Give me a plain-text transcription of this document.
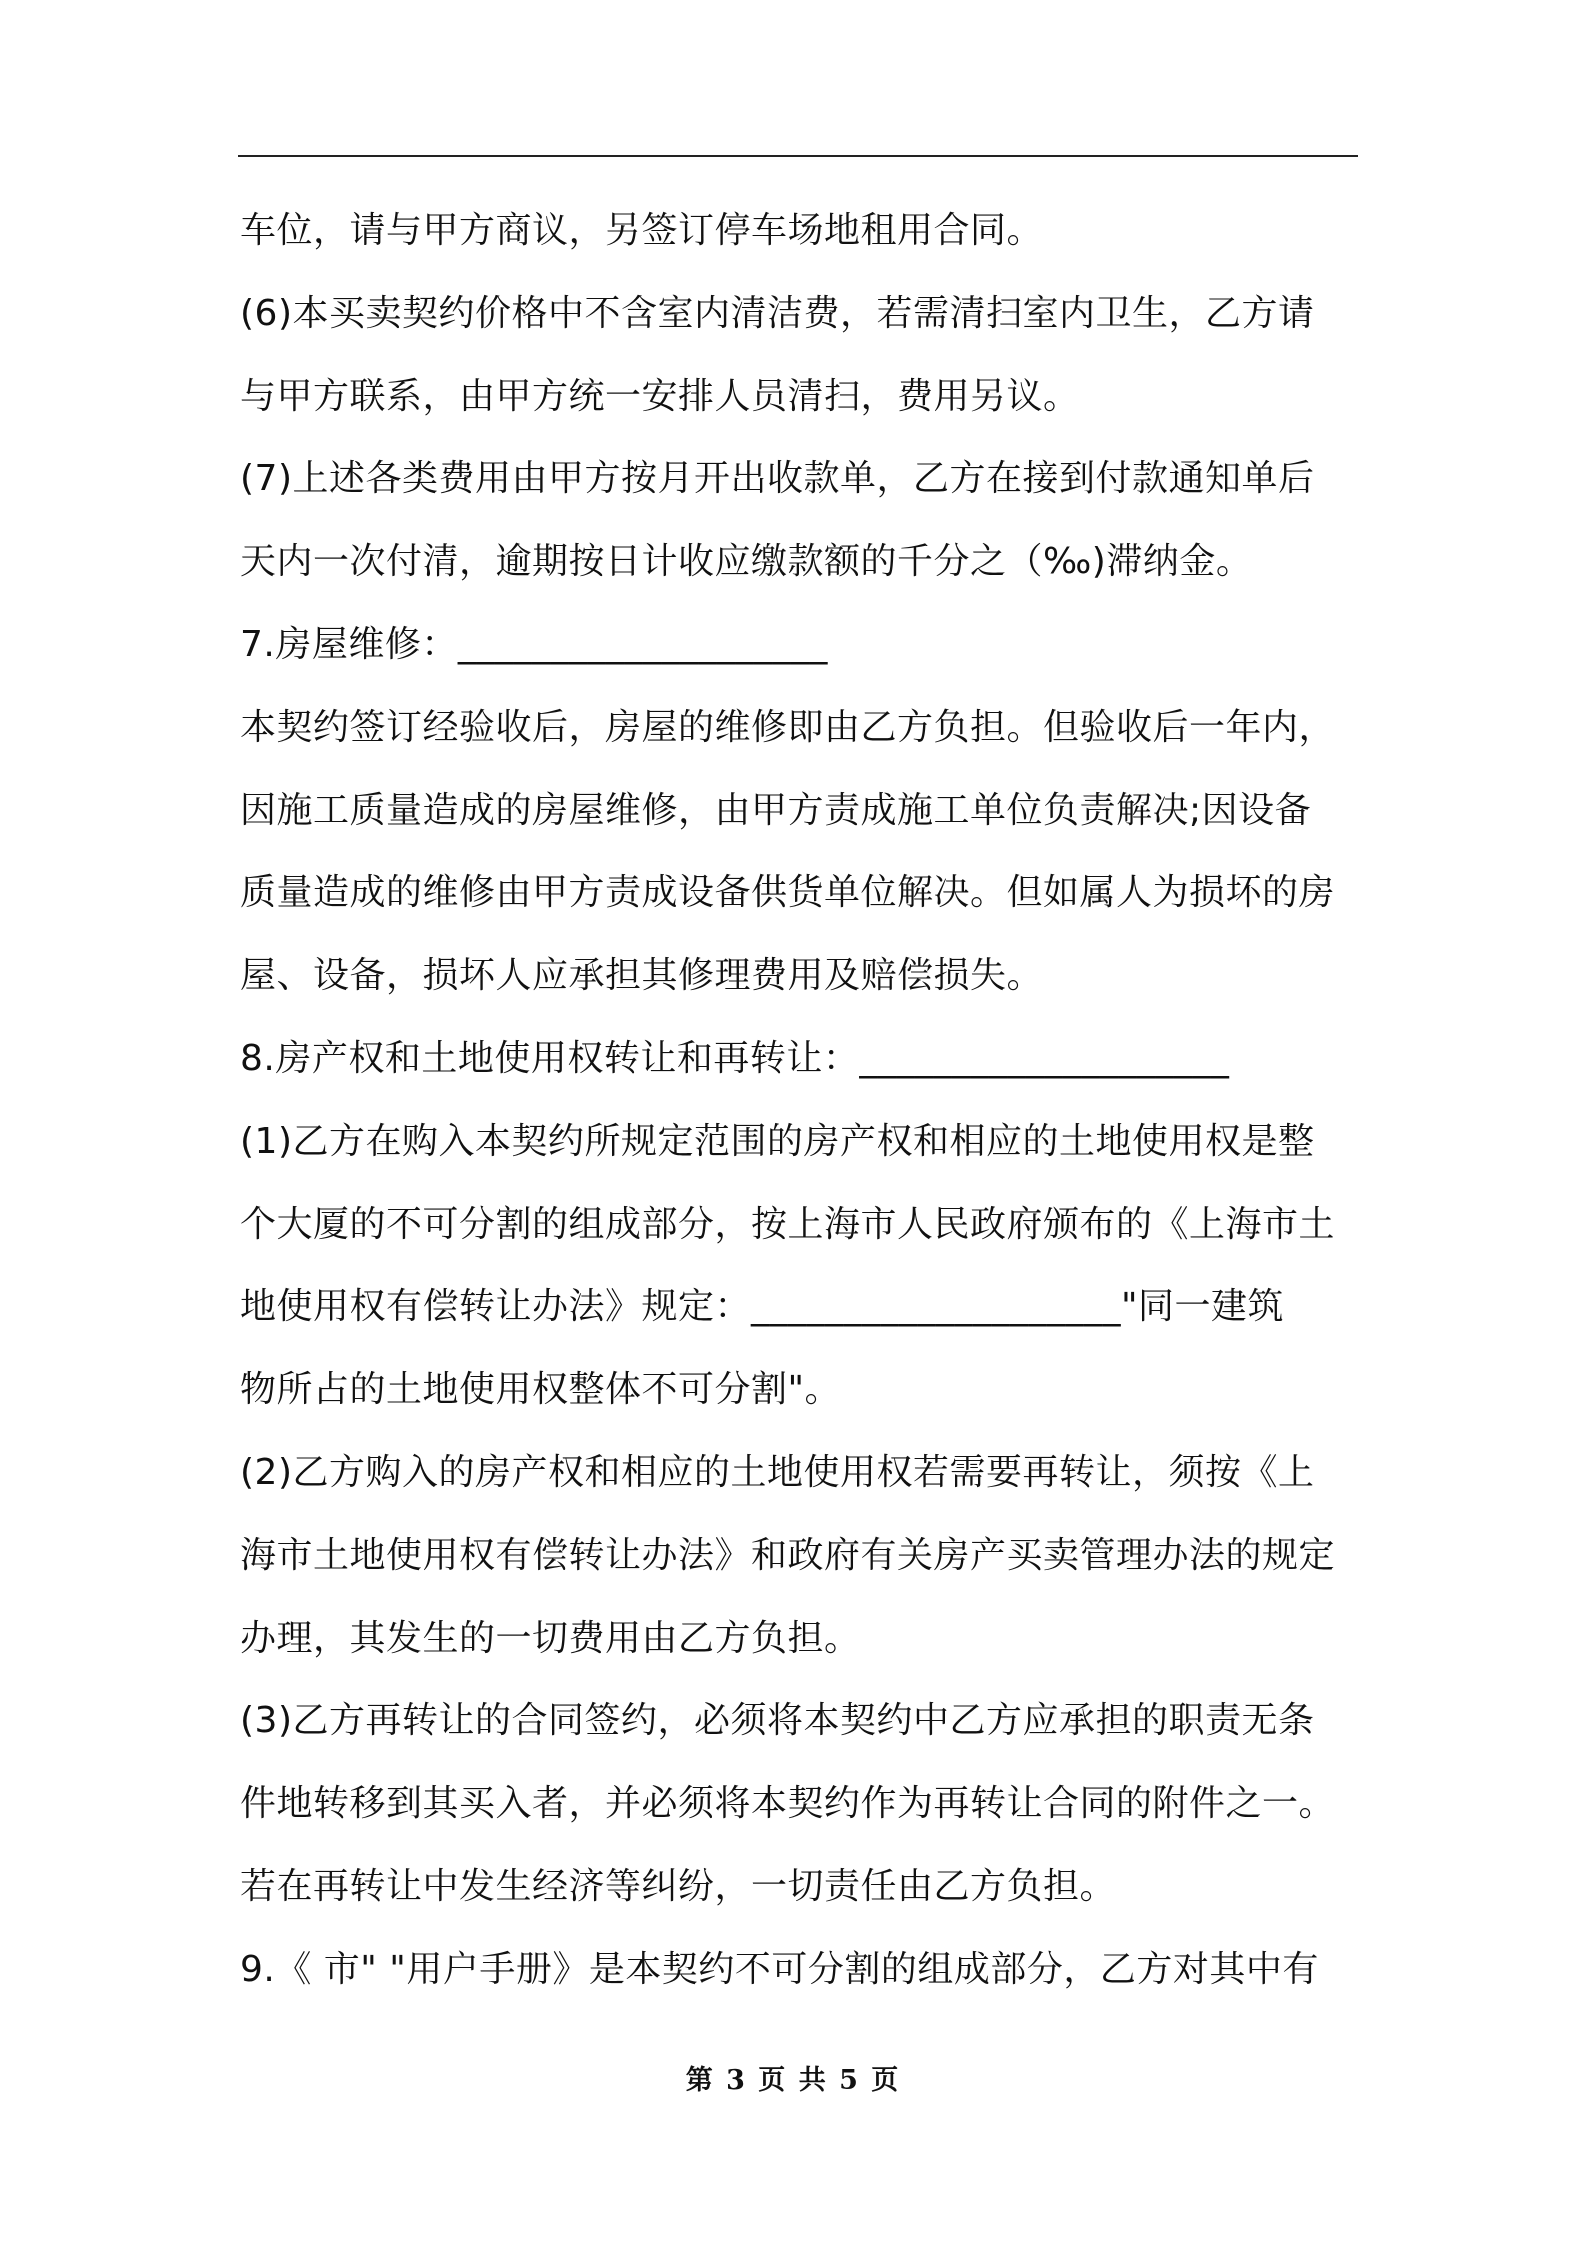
车位，请与甲方商议，另签订停车场地租用合同。
(6)本买卖契约价格中不含室内清洁费，若需清扫室内卫生，乙方请
与甲方联系，由甲方统一安排人员清扫，费用另议。
(7)上述各类费用由甲方按月开出收款单，乙方在接到付款通知单后
天内一次付清，逾期按日计收应缴款额的千分之（‰)滞纳金。
7.房屋维修：____________________
本契约签订经验收后，房屋的维修即由乙方负担。但验收后一年内，
因施工质量造成的房屋维修，由甲方责成施工单位负责解决;因设备
质量造成的维修由甲方责成设备供货单位解决。但如属人为损坏的房
屋、设备，损坏人应承担其修理费用及赔偿损失。
8.房产权和土地使用权转让和再转让：____________________
(1)乙方在购入本契约所规定范围的房产权和相应的土地使用权是整
个大厦的不可分割的组成部分，按上海市人民政府颁布的《上海市土
地使用权有偿转让办法》规定：____________________"同一建筑
物所占的土地使用权整体不可分割"。
(2)乙方购入的房产权和相应的土地使用权若需要再转让，须按《上
海市土地使用权有偿转让办法》和政府有关房产买卖管理办法的规定
办理，其发生的一切费用由乙方负担。
(3)乙方再转让的合同签约，必须将本契约中乙方应承担的职责无条
件地转移到其买入者，并必须将本契约作为再转让合同的附件之一。
若在再转让中发生经济等纠纷，一切责任由乙方负担。
9.《 市" "用户手册》是本契约不可分割的组成部分，乙方对其中有
第 3 页 共 5 页
